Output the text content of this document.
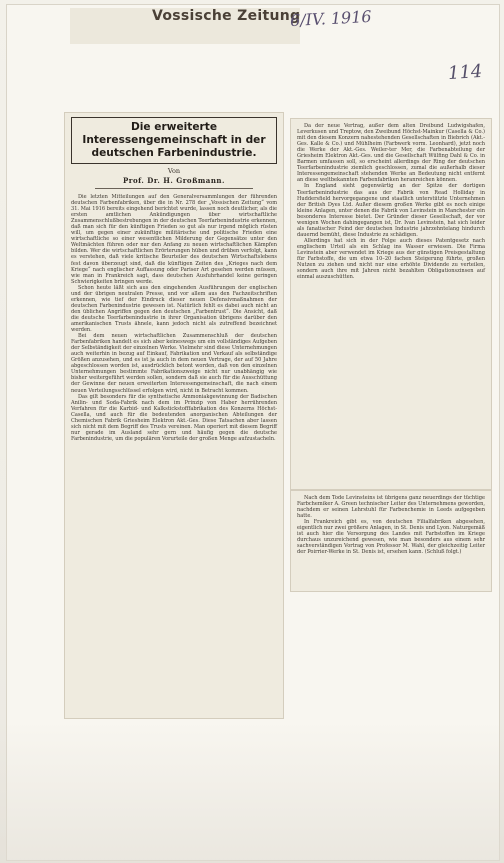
Vossische Zeitung
6/IV. 1916
114
Die erweiterte Interessengemeinschaft in der deutschen Farbenindustrie.
Von
Prof. Dr. H. Großmann.

Die letzten Mitteilungen auf den Generalversammlungen der führenden deutschen Farbenfabriken, über die in Nr. 278 der „Vossischen Zeitung“ vom 31. Mai 1916 bereits eingehend berichtet wurde, lassen noch deutlicher, als die ersten amtlichen Ankündigungen über wirtschaftliche Zusammenschlußbestrebungen in der deutschen Teerfarbenindustrie erkennen, daß man sich für den künftigen Frieden so gut als nur irgend möglich rüsten will, um gegen einer zukünftige militärische und politische Frieden eine wirtschaftliche so einer wesentlichen Milderung der Gegensätze unter den Weltmächten führen oder nur den Anfang zu neuen wirtschaftlichen Kämpfen bilden. Wer die wirtschaftlichen Erörterungen hüben und drüben verfolgt, kann es verstehen, daß viele kritische Beurteiler des deutschen Wirtschaftslebens fest davon überzeugt sind, daß die künftigen Zeiten des „Krieges nach dem Kriege“ nach englischer Auffassung oder Pariser Art gesehen werden müssen, wie man in Frankreich sagt, dass deutschen Ausfuhrhandel keine geringen Schwierigkeiten bringen werde.

Schon heute läßt sich aus den eingehenden Ausführungen der englischen und der übrigen neutralen Presse, und vor allem aus den Fachzeitschriften erkennen, wie tief der Eindruck dieser neuen Defensivmaßnahmen der deutschen Farbenindustrie gewesen ist. Natürlich fehlt es dabei auch nicht an den üblichen Angriffen gegen den deutschen „Farbentrust“. Die Ansicht, daß die deutsche Teerfarbenindustrie in ihrer Organisation übrigens darüber den amerikanischen Trusts ähnele, kann jedoch nicht als zutreffend bezeichnet werden.

Bei dem neuen wirtschaftlichen Zusammenschluß der deutschen Farbenfabriken handelt es sich aber keineswegs um ein vollständiges Aufgeben der Selbständigkeit der einzelnen Werke. Vielmehr sind diese Unternehmungen auch weiterhin in bezug auf Einkauf, Fabrikation und Verkauf als selbständige Größen anzusehen, und es ist ja auch in dem neuen Vertrage, der auf 50 Jahre abgeschlossen worden ist, ausdrücklich betont worden, daß von den einzelnen Unternehmungen bestimmte Fabrikationszweige nicht nur unabhängig wie bisher weitergeführt werden sollen, sondern daß sie auch für die Ausschüttung der Gewinne der neuen erweiterten Interessengemeinschaft, die nach einem neuen Verteilungsschlüssel erfolgen wird, nicht in Betracht kommen.

Das gilt besonders für die synthetische Ammoniakgewinnung der Badischen Anilin- und Soda-Fabrik nach dem im Prinzip von Haber herrührenden Verfahren für die Karbid- und Kalkstickstofffabrikation des Konzerns Höchst-Casella, und auch für die bedeutenden anorganischen Abteilungen der Chemischen Fabrik Griesheim Elektron Akt.-Ges. Diese Tatsachen aber lassen sich nicht mit dem Begriff des Trusts vereinen. Man operiert mit diesem Begriff nur gerade im Ausland sehr gern und häufig gegen die deutsche Farbenindustrie, um die populären Vorurteile der großen Menge aufzustacheln.

Da der neue Vertrag, außer dem alten Dreibund Ludwigshafen, Leverkusen und Treptow, den Zweibund Höchst-Mainkur (Casella & Co.) mit den diesem Konzern nahestehenden Gesellschaften in Biebrich (Akt.-Ges. Kalle & Co.) und Mühlheim (Farbwerk vorm. Leonhard), jetzt noch die Werke der Akt.-Ges. Weiler-ter Mer, die Farbenabteilung der Griesheim Elektron Akt.-Ges. und die Gesellschaft Wülfing Dahl & Co. in Barmen umfassen soll, so erscheint allerdings der Ring der deutschen Teerfarbenindustrie ziemlich geschlossen, zumal die außerhalb dieser Interessengemeinschaft stehenden Werke an Bedeutung nicht entfernt an diese weltbekannten Farbenfabriken heranreichen können.

In England sieht gegenwärtig an der Spitze der dortigen Teerfarbenindustrie das aus der Fabrik von Read Holliday in Huddersfield hervorgegangene und staatlich unterstützte Unternehmen der British Dyes Ltd. Außer diesem großen Werke gibt es noch einige kleine Anlagen, unter denen die Fabrik von Levinstein in Manchester ein besonderes Interesse bietet. Der Gründer dieser Gesellschaft, der vor wenigen Wochen dahingegangen ist, Dr. Ivan Levinstein, hat sich leider als fanatischer Feind der deutschen Industrie jahrzehntelang hindurch dauernd bemüht, diese Industrie zu schädigen.

Allerdings hat sich in der Folge auch dieses Patentgesetz nach englischem Urteil als ein Schlag ins Wasser erwiesen. Die Firma Levinstein aber verwendet im Kriege aus der günstigen Preisgestaltung für Farbstoffe, die um etwa 10–20 fachen Steigerung führte, großen Nutzen zu ziehen und nicht nur eine erhöhte Dividende zu verteilen, sondern auch ihre mit Jahren nicht bezahlten Obligationszinsen auf einmal auszuschütten.

Nach dem Tode Levinsteins ist übrigens ganz neuerdings der tüchtige Farbchemiker A. Green technischer Leiter des Unternehmens geworden, nachdem er seinen Lehrstuhl für Farbenchemie in Leeds aufgegeben hatte.

In Frankreich gibt es, von deutschen Filialfabriken abgesehen, eigentlich nur zwei größere Anlagen, in St. Denis und Lyon. Naturgemäß ist auch hier die Versorgung des Landes mit Farbstoffen im Kriege durchaus unzureichend gewesen, wie man besonders aus einem sehr sachverständigen Vortrag von Professor M. Wahl, der gleichzeitig Leiter der Poirrier-Werke in St. Denis ist, ersehen kann. (Schluß folgt.)
